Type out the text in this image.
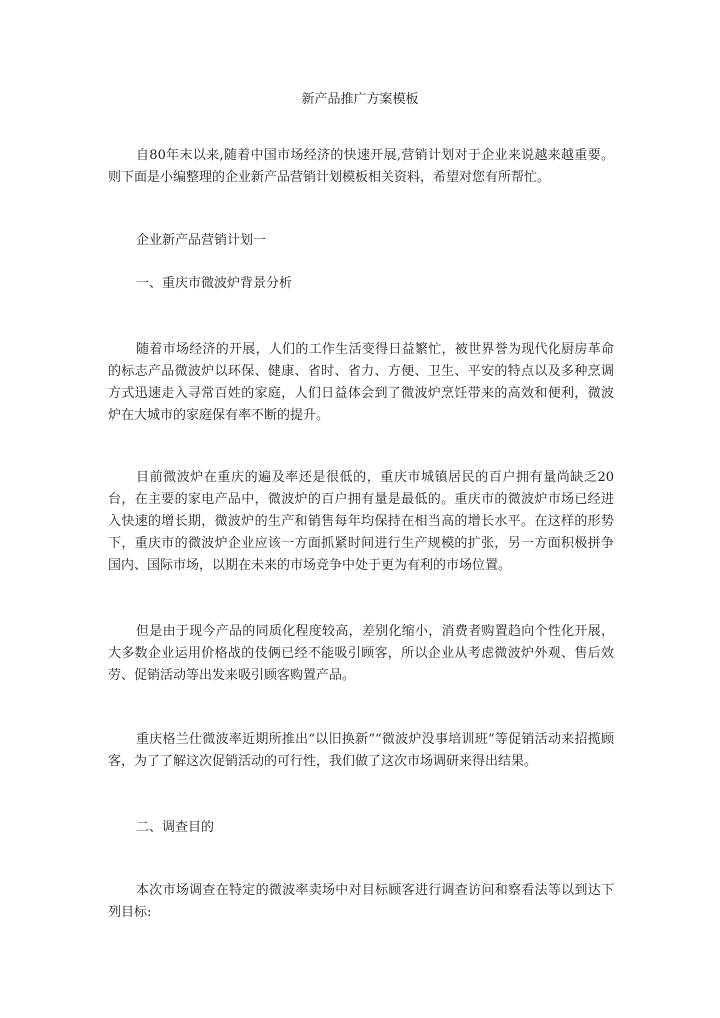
新产品推广方案模板
自80年末以来,随着中国市场经济的快速开展,营销计划对于企业来说越来越重要。则下面是小编整理的企业新产品营销计划模板相关资料，希望对您有所帮忙。
企业新产品营销计划一
一、重庆市微波炉背景分析
随着市场经济的开展，人们的工作生活变得日益繁忙，被世界誉为现代化厨房革命的标志产品微波炉以环保、健康、省时、省力、方便、卫生、平安的特点以及多种烹调方式迅速走入寻常百姓的家庭，人们日益体会到了微波炉烹饪带来的高效和便利，微波炉在大城市的家庭保有率不断的提升。
目前微波炉在重庆的遍及率还是很低的，重庆市城镇居民的百户拥有量尚缺乏20台，在主要的家电产品中，微波炉的百户拥有量是最低的。重庆市的微波炉市场已经进入快速的增长期，微波炉的生产和销售每年均保持在相当高的增长水平。在这样的形势下，重庆市的微波炉企业应该一方面抓紧时间进行生产规模的扩张，另一方面积极拼争国内、国际市场，以期在未来的市场竞争中处于更为有利的市场位置。
但是由于现今产品的同质化程度较高，差别化缩小，消费者购置趋向个性化开展，大多数企业运用价格战的伎俩已经不能吸引顾客，所以企业从考虑微波炉外观、售后效劳、促销活动等出发来吸引顾客购置产品。
重庆格兰仕微波率近期所推出“以旧换新”“微波炉没事培训班”等促销活动来招揽顾客，为了了解这次促销活动的可行性，我们做了这次市场调研来得出结果。
二、调查目的
本次市场调查在特定的微波率卖场中对目标顾客进行调查访问和察看法等以到达下列目标:
